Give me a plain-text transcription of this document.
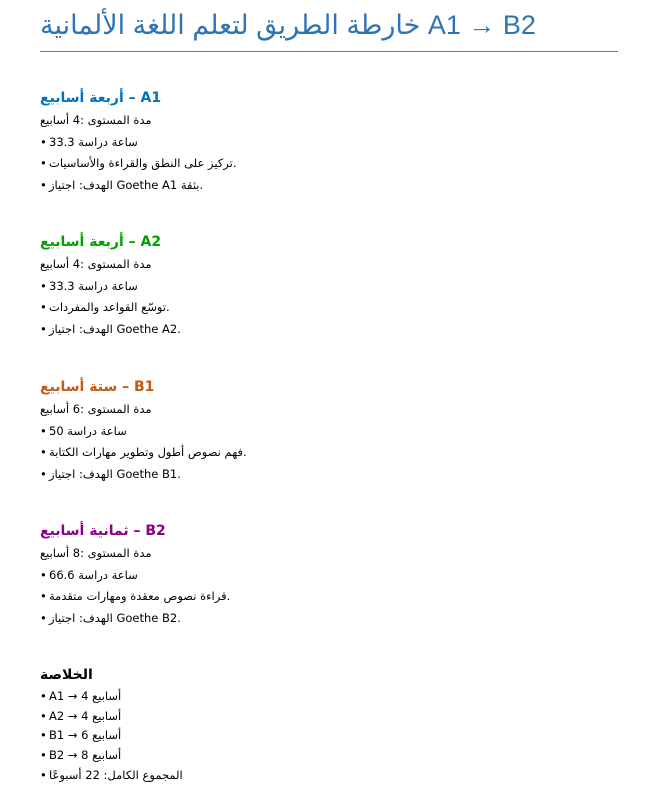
خارطة الطريق لتعلم اللغة الألمانية A1 → B2
أربعة أسابيع – A1
مدة المستوى :4 أسابيع
• ساعة دراسة 33.3
• تركيز على النطق والقراءة والأساسيات.
• الهدف: اجتياز Goethe A1 بثقة.
أربعة أسابيع – A2
مدة المستوى :4 أسابيع
• ساعة دراسة 33.3
• توسّع القواعد والمفردات.
• الهدف: اجتياز Goethe A2.
ستة أسابيع – B1
مدة المستوى :6 أسابيع
• ساعة دراسة 50
• فهم نصوص أطول وتطوير مهارات الكتابة.
• الهدف: اجتياز Goethe B1.
ثمانية أسابيع – B2
مدة المستوى :8 أسابيع
• ساعة دراسة 66.6
• قراءة نصوص معقدة ومهارات متقدمة.
• الهدف: اجتياز Goethe B2.
الخلاصة
• A1 → 4 أسابيع
• A2 → 4 أسابيع
• B1 → 6 أسابيع
• B2 → 8 أسابيع
• المجموع الكامل: 22 أسبوعًا
